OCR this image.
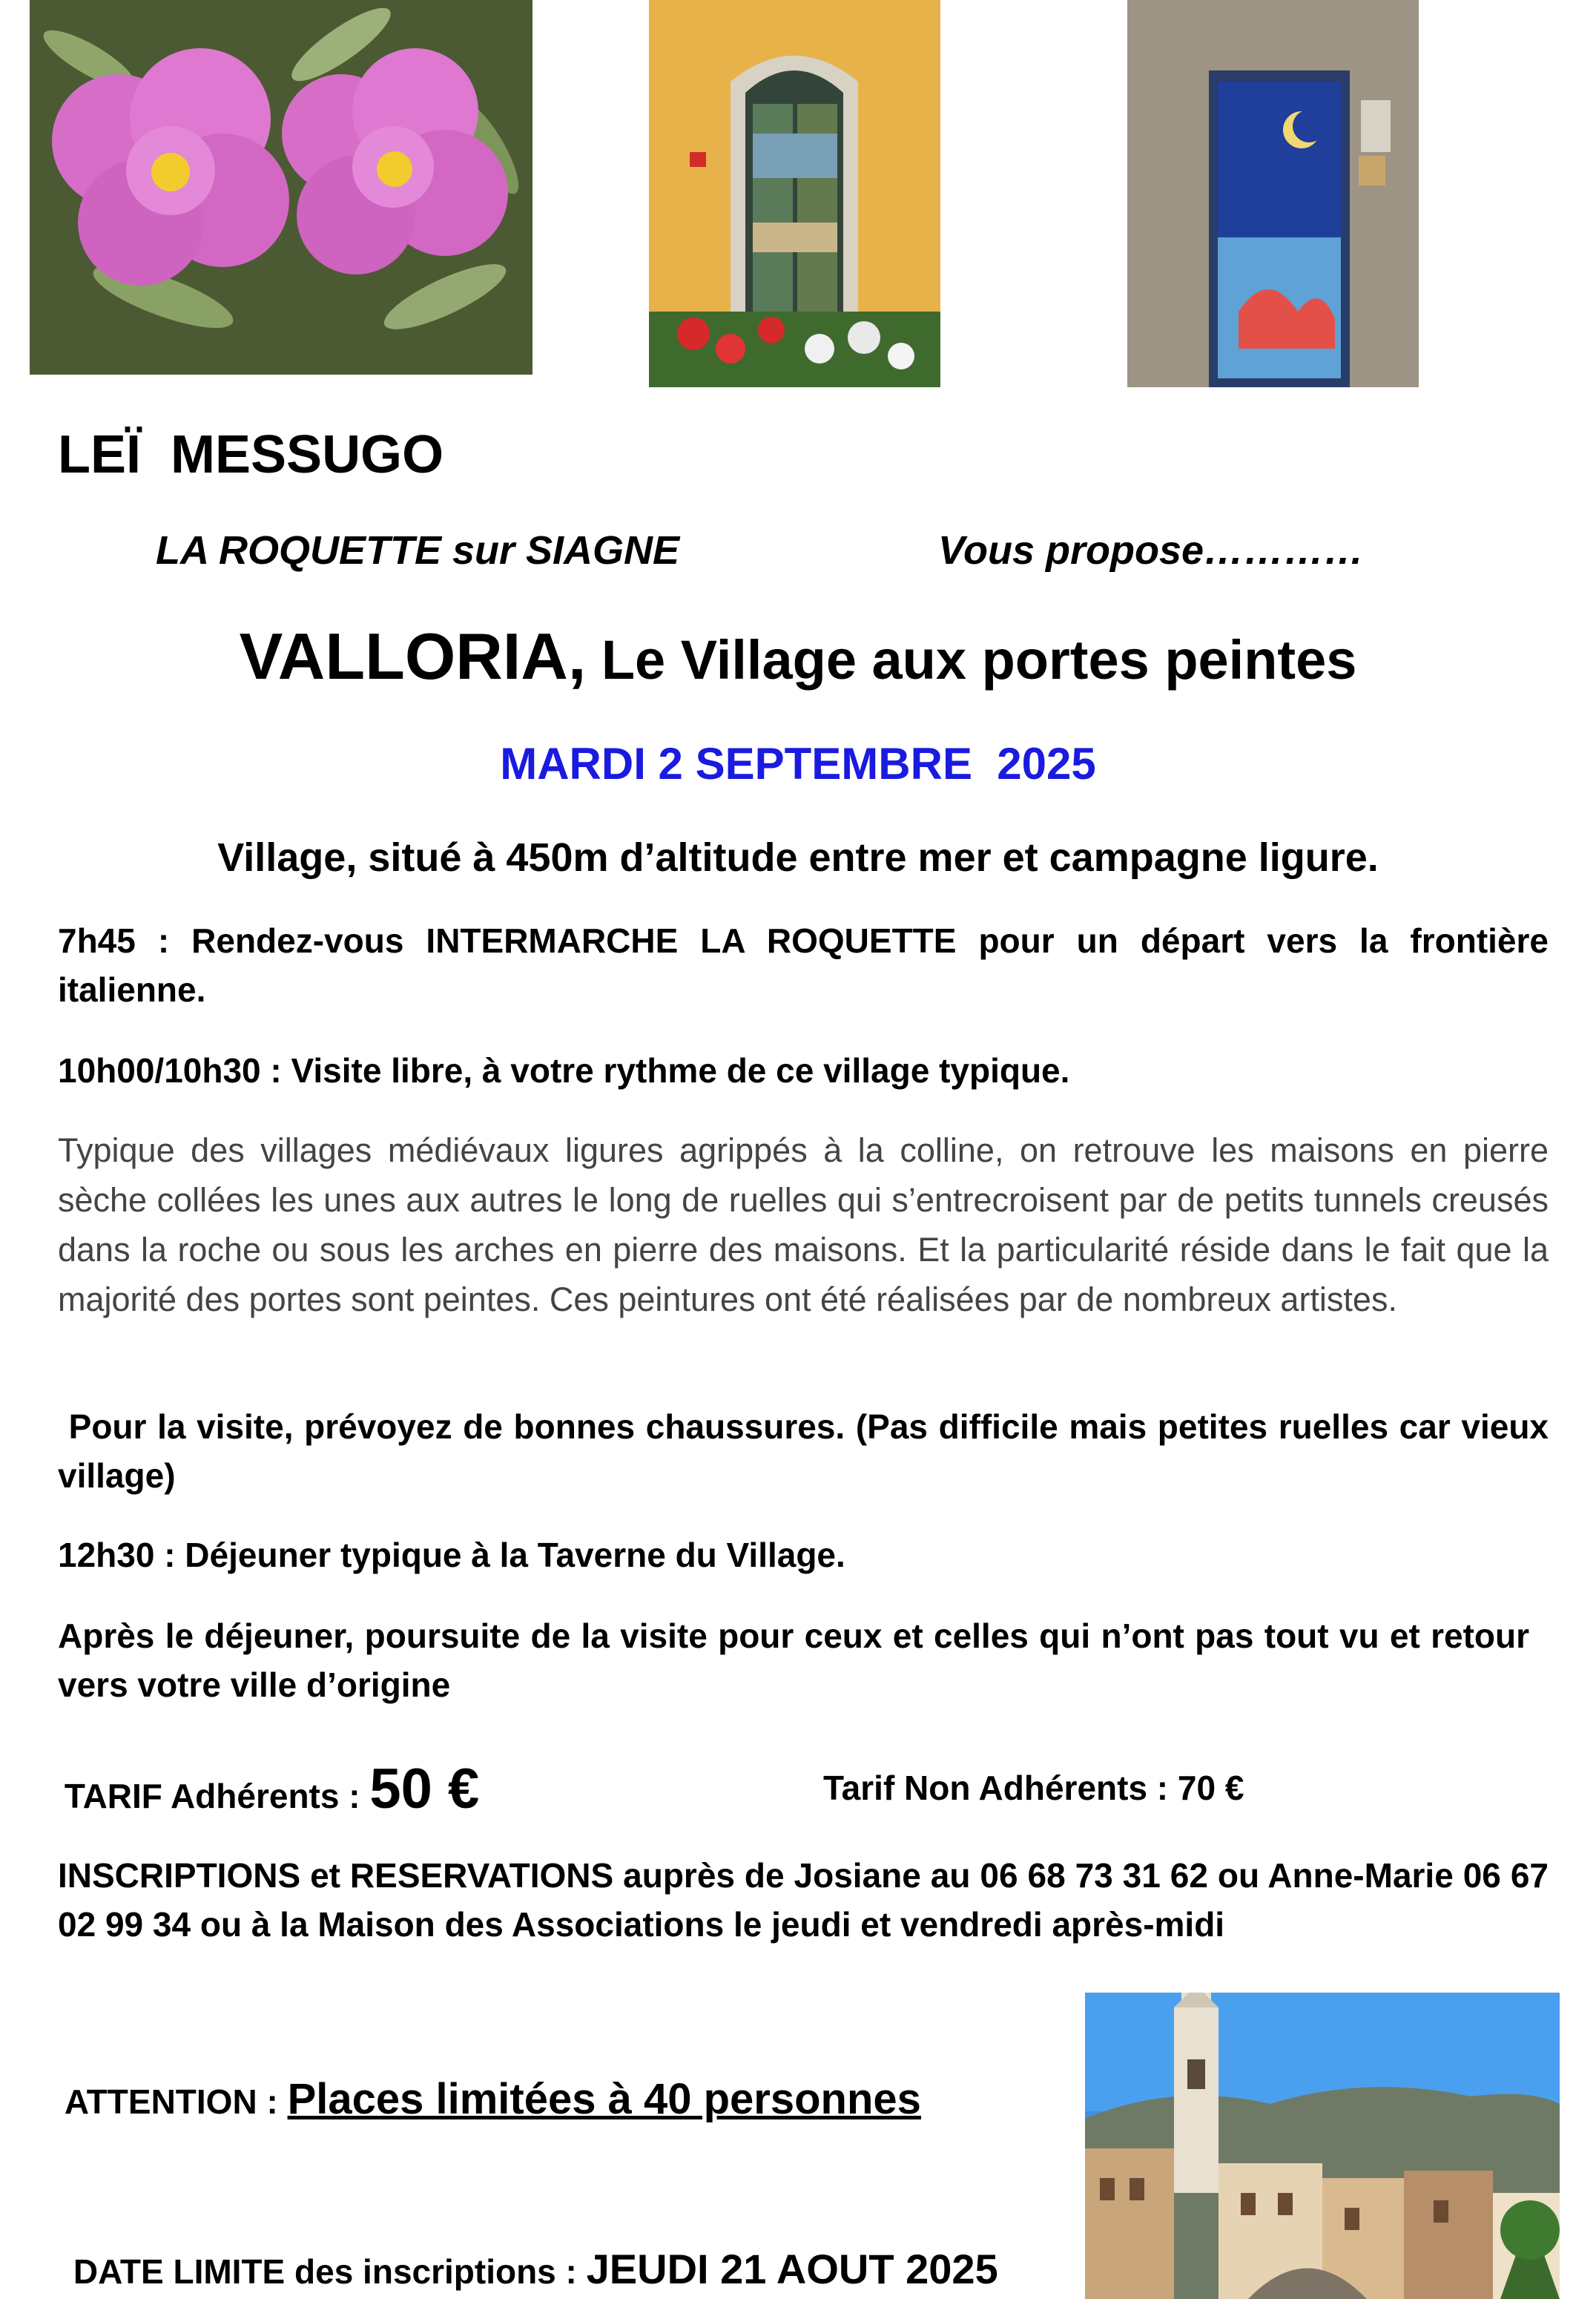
LEÏ  MESSUGO
LA ROQUETTE sur SIAGNE	Vous propose…………
VALLORIA, Le Village aux portes peintes
MARDI 2 SEPTEMBRE  2025
Village, situé à 450m d’altitude entre mer et campagne ligure.
7h45 : Rendez-vous INTERMARCHE LA ROQUETTE pour un départ vers la frontière italienne.
10h00/10h30 : Visite libre, à votre rythme de ce village typique.
Typique des villages médiévaux ligures agrippés à la colline, on retrouve les maisons en pierre sèche collées les unes aux autres le long de ruelles qui s’entrecroisent par de petits tunnels creusés dans la roche ou sous les arches en pierre des maisons. Et la particularité réside dans le fait que la majorité des portes sont peintes. Ces peintures ont été réalisées par de nombreux artistes.
Pour la visite, prévoyez de bonnes chaussures. (Pas difficile mais petites ruelles car vieux village)
12h30 : Déjeuner typique à la Taverne du Village.
Après le déjeuner, poursuite de la visite pour ceux et celles qui n’ont pas tout vu et retour vers votre ville d’origine

TARIF Adhérents : 50 €	Tarif Non Adhérents : 70 €
INSCRIPTIONS et RESERVATIONS auprès de Josiane au 06 68 73 31 62 ou Anne-Marie 06 67 02 99 34 ou à la Maison des Associations le jeudi et vendredi après-midi

ATTENTION : Places limitées à 40 personnes

DATE LIMITE des inscriptions : JEUDI 21 AOUT 2025
